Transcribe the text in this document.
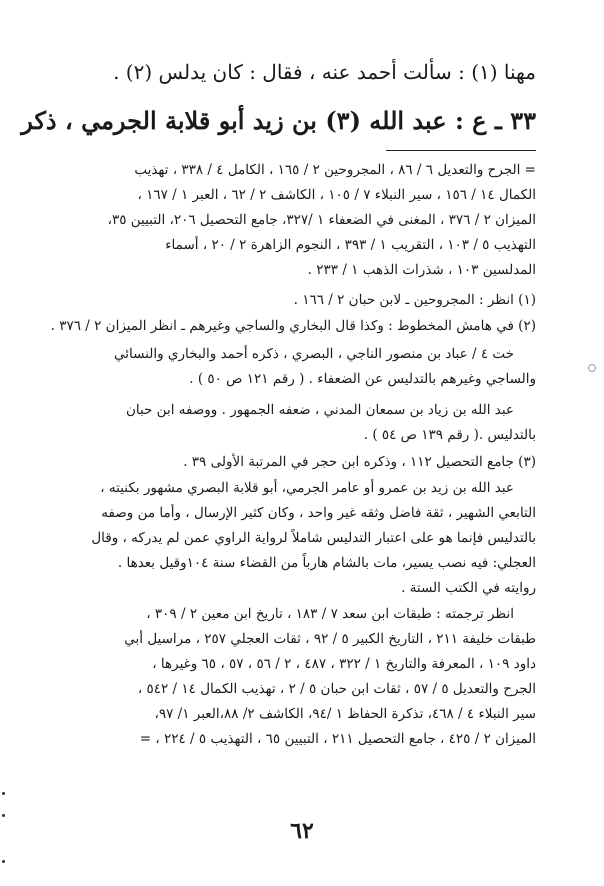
مهنا (١) : سألت أحمد عنه ، فقال : كان يدلس (٢) .
٣٣ ـ ع : عبد الله (٣) بن زيد أبو قلابة الجرمي ، ذكر
= الجرح والتعديل ٦ / ٨٦ ، المجروحين ٢ / ١٦٥ ، الكامل ٤ / ٣٣٨ ، تهذيب
الكمال ١٤ / ١٥٦ ، سير النبلاء ٧ / ١٠٥ ، الكاشف ٢ / ٦٢ ، العبر ١ / ١٦٧ ،
الميزان ٢ / ٣٧٦ ، المغنى في الضعفاء ١ /٣٢٧، جامع التحصيل ٢٠٦، التبيين ٣٥،
التهذيب ٥ / ١٠٣ ، التقريب ١ / ٣٩٣ ، النجوم الزاهرة ٢ / ٢٠ ، أسماء
المدلسين ١٠٣ ، شذرات الذهب ١ / ٢٣٣ .
(١) انظر : المجروحين ـ لابن حبان ٢ / ١٦٦ .
(٢) في هامش المخطوط : وكذا قال البخاري والساجي وغيرهم ـ انظر الميزان ٢ / ٣٧٦ .
خت ٤ / عباد بن منصور الناجي ، البصري ، ذكره أحمد والبخاري والنسائي
والساجي وغيرهم بالتدليس عن الضعفاء . ( رقم ١٢١ ص ٥٠ ) .
عبد الله بن زياد بن سمعان المدني ، ضعفه الجمهور . ووصفه ابن حبان
بالتدليس .( رقم ١٣٩ ص ٥٤ ) .
(٣) جامع التحصيل ١١٢ ، وذكره ابن حجر في المرتبة الأولى ٣٩ .
عبد الله بن زيد بن عمرو أو عامر الجرمي، أبو قلابة البصري مشهور بكنيته ،
التابعي الشهير ، ثقة فاضل وثقه غير واحد ، وكان كثير الإرسال ، وأما من وصفه
بالتدليس فإنما هو على اعتبار التدليس شاملاً لرواية الراوي عمن لم يدركه ، وقال
العجلي: فيه نصب يسير، مات بالشام هارباً من القضاء سنة ١٠٤وقيل بعدها .
روايته في الكتب الستة .
انظر ترجمته : طبقات ابن سعد ٧ / ١٨٣ ، تاريخ ابن معين ٢ / ٣٠٩ ،
طبقات خليفة ٢١١ ، التاريخ الكبير ٥ / ٩٢ ، ثقات العجلي ٢٥٧ ، مراسيل أبي
داود ١٠٩ ، المعرفة والتاريخ ١ / ٣٢٢ ، ٤٨٧ ، ٢ / ٥٦ ، ٥٧ ، ٦٥ وغيرها ،
الجرح والتعديل ٥ / ٥٧ ، ثقات ابن حبان ٥ / ٢ ، تهذيب الكمال ١٤ / ٥٤٢ ،
سير النبلاء ٤ / ٤٦٨، تذكرة الحفاظ ١ /٩٤، الكاشف ٢/ ٨٨،العبر ١/ ٩٧،
الميزان ٢ / ٤٢٥ ، جامع التحصيل ٢١١ ، التبيين ٦٥ ، التهذيب ٥ / ٢٢٤ ، =
٦٢
